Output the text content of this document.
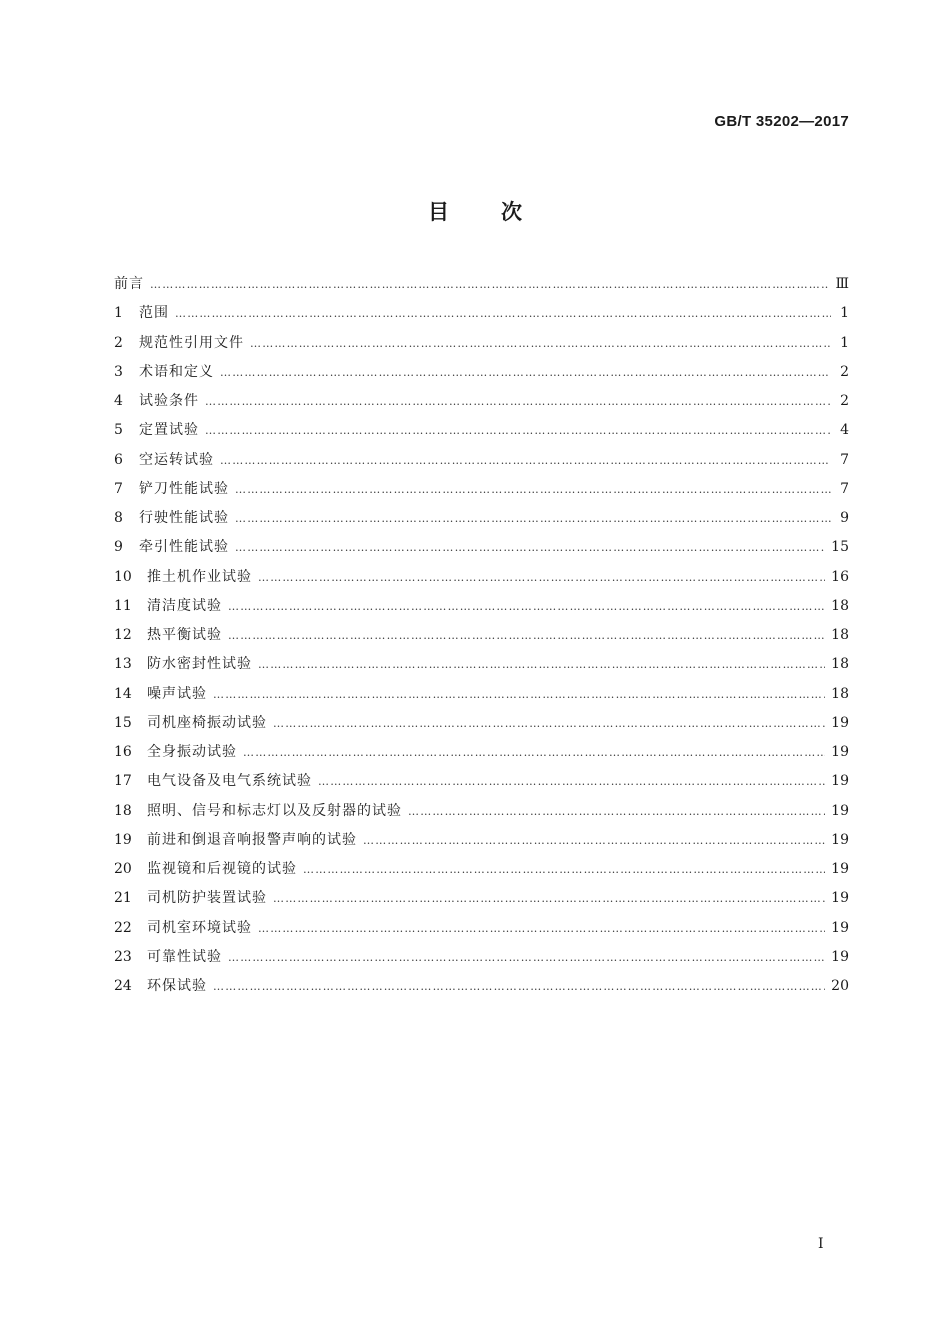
GB/T 35202—2017
目次
前言 …………………………………………………………………………………………………………………………………………………………………………………………………………………………………………………………………………………………	Ⅲ
1	范围 …………………………………………………………………………………………………………………………………………………………………………………………………………………………………………………………………………………………	1
2	规范性引用文件 …………………………………………………………………………………………………………………………………………………………………………………………………………………………………………………………………………………………	1
3	术语和定义 …………………………………………………………………………………………………………………………………………………………………………………………………………………………………………………………………………………………	2
4	试验条件 …………………………………………………………………………………………………………………………………………………………………………………………………………………………………………………………………………………………	2
5	定置试验 …………………………………………………………………………………………………………………………………………………………………………………………………………………………………………………………………………………………	4
6	空运转试验 …………………………………………………………………………………………………………………………………………………………………………………………………………………………………………………………………………………………	7
7	铲刀性能试验 …………………………………………………………………………………………………………………………………………………………………………………………………………………………………………………………………………………………	7
8	行驶性能试验 …………………………………………………………………………………………………………………………………………………………………………………………………………………………………………………………………………………………	9
9	牵引性能试验 …………………………………………………………………………………………………………………………………………………………………………………………………………………………………………………………………………………………	15
10	推土机作业试验 …………………………………………………………………………………………………………………………………………………………………………………………………………………………………………………………………………………………	16
11	清洁度试验 …………………………………………………………………………………………………………………………………………………………………………………………………………………………………………………………………………………………	18
12	热平衡试验 …………………………………………………………………………………………………………………………………………………………………………………………………………………………………………………………………………………………	18
13	防水密封性试验 …………………………………………………………………………………………………………………………………………………………………………………………………………………………………………………………………………………………	18
14	噪声试验 …………………………………………………………………………………………………………………………………………………………………………………………………………………………………………………………………………………………	18
15	司机座椅振动试验 …………………………………………………………………………………………………………………………………………………………………………………………………………………………………………………………………………………………	19
16	全身振动试验 …………………………………………………………………………………………………………………………………………………………………………………………………………………………………………………………………………………………	19
17	电气设备及电气系统试验 …………………………………………………………………………………………………………………………………………………………………………………………………………………………………………………………………………………………	19
18	照明、信号和标志灯以及反射器的试验 …………………………………………………………………………………………………………………………………………………………………………………………………………………………………………………………………………………………	19
19	前进和倒退音响报警声响的试验 …………………………………………………………………………………………………………………………………………………………………………………………………………………………………………………………………………………………	19
20	监视镜和后视镜的试验 …………………………………………………………………………………………………………………………………………………………………………………………………………………………………………………………………………………………	19
21	司机防护装置试验 …………………………………………………………………………………………………………………………………………………………………………………………………………………………………………………………………………………………	19
22	司机室环境试验 …………………………………………………………………………………………………………………………………………………………………………………………………………………………………………………………………………………………	19
23	可靠性试验 …………………………………………………………………………………………………………………………………………………………………………………………………………………………………………………………………………………………	19
24	环保试验 …………………………………………………………………………………………………………………………………………………………………………………………………………………………………………………………………………………………	20
I
